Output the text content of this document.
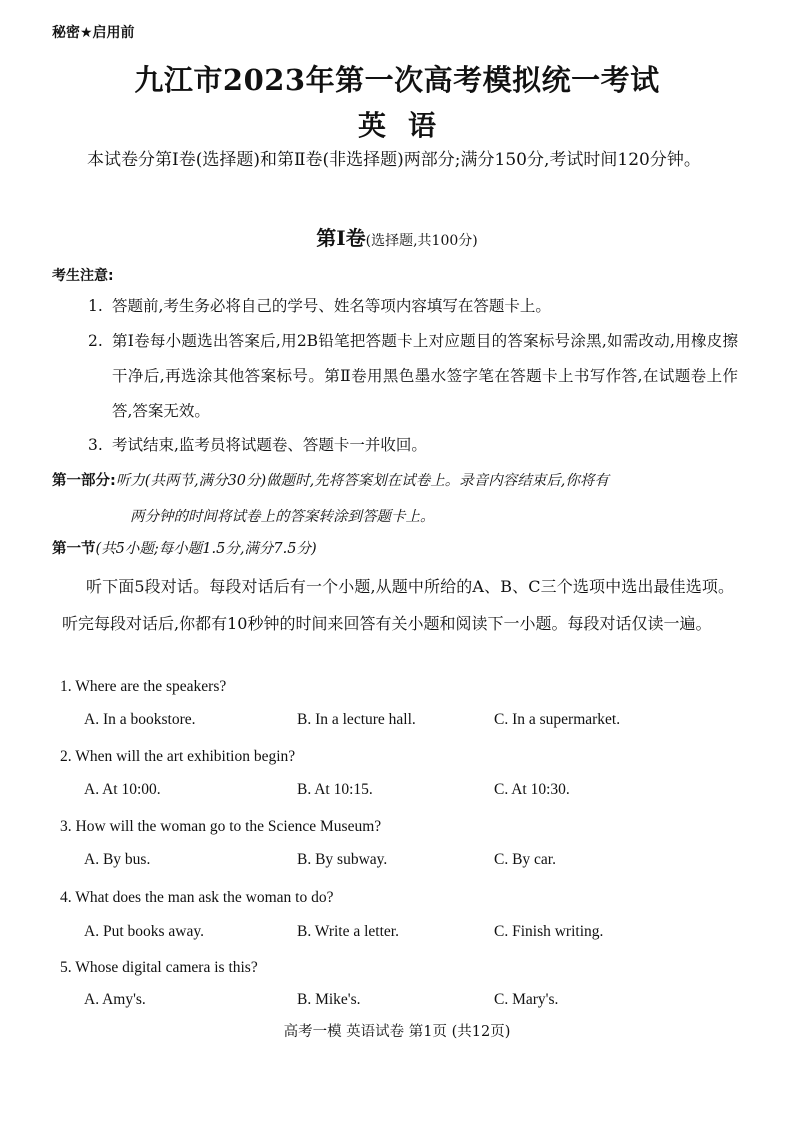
秘密★启用前
九江市2023年第一次高考模拟统一考试
英语
本试卷分第Ⅰ卷(选择题)和第Ⅱ卷(非选择题)两部分;满分150分,考试时间120分钟。
第Ⅰ卷(选择题,共100分)
考生注意:
1. 答题前,考生务必将自己的学号、姓名等项内容填写在答题卡上。
2. 第Ⅰ卷每小题选出答案后,用2B铅笔把答题卡上对应题目的答案标号涂黑,如需改动,用橡皮擦干净后,再选涂其他答案标号。第Ⅱ卷用黑色墨水签字笔在答题卡上书写作答,在试题卷上作答,答案无效。
3. 考试结束,监考员将试题卷、答题卡一并收回。
第一部分:听力(共两节,满分30分)做题时,先将答案划在试卷上。录音内容结束后,你将有
两分钟的时间将试卷上的答案转涂到答题卡上。
第一节(共5小题;每小题1.5分,满分7.5分)
听下面5段对话。每段对话后有一个小题,从题中所给的A、B、C三个选项中选出最佳选项。听完每段对话后,你都有10秒钟的时间来回答有关小题和阅读下一小题。每段对话仅读一遍。
1. Where are the speakers?
A. In a bookstore.	B. In a lecture hall.	C. In a supermarket.
2. When will the art exhibition begin?
A. At 10:00.	B. At 10:15.	C. At 10:30.
3. How will the woman go to the Science Museum?
A. By bus.	B. By subway.	C. By car.
4. What does the man ask the woman to do?
A. Put books away.	B. Write a letter.	C. Finish writing.
5. Whose digital camera is this?
A. Amy's.	B. Mike's.	C. Mary's.
高考一模 英语试卷 第1页 (共12页)
